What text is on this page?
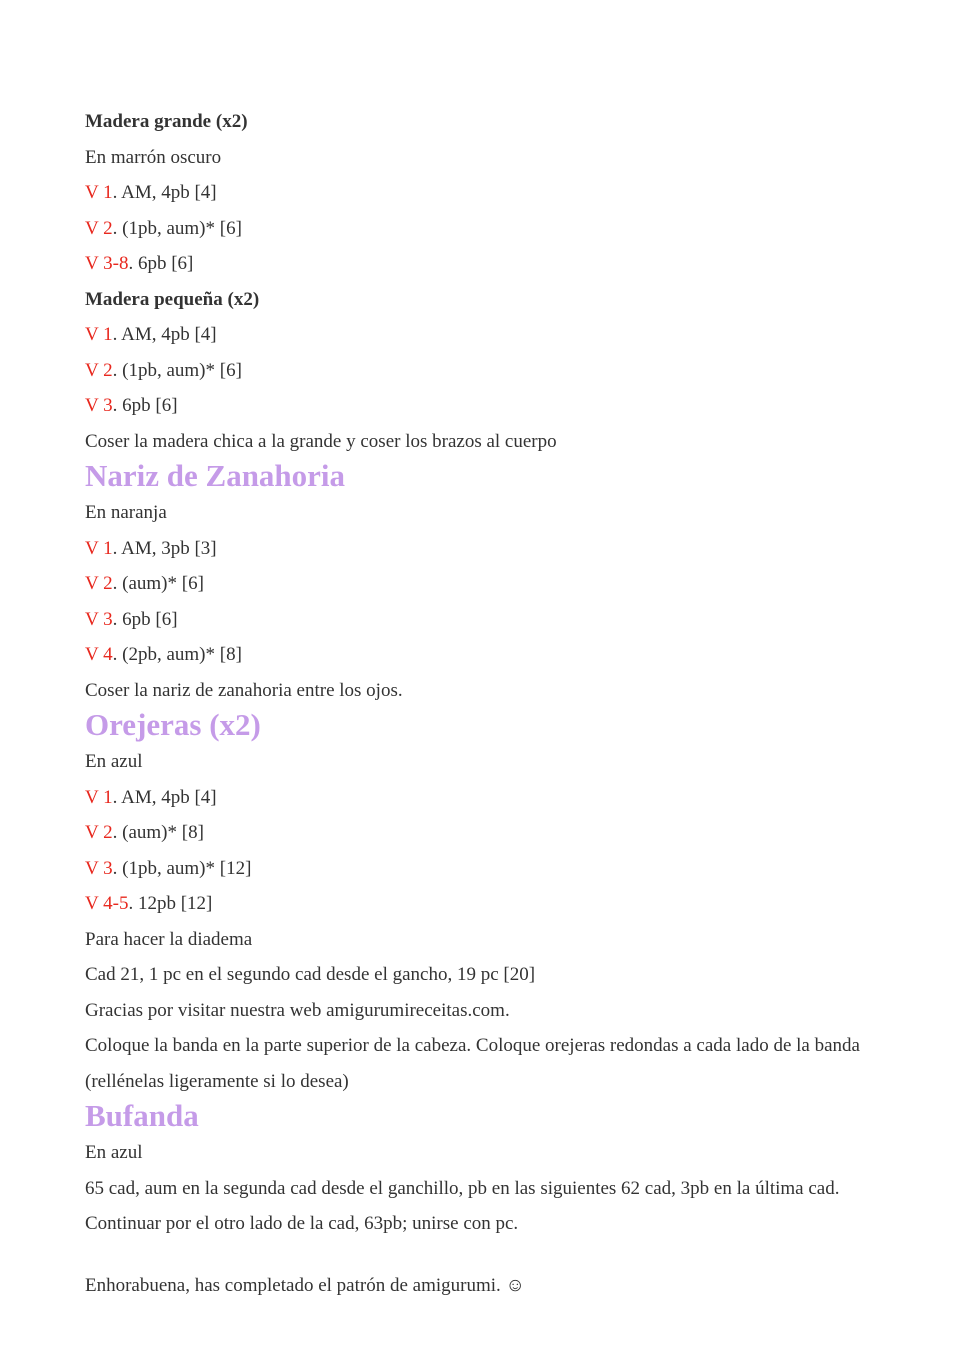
Madera grande (x2)

En marrón oscuro

V 1. AM, 4pb [4]

V 2. (1pb, aum)* [6]

V 3-8. 6pb [6]

Madera pequeña (x2)

V 1. AM, 4pb [4]

V 2. (1pb, aum)* [6]

V 3. 6pb [6]

Coser la madera chica a la grande y coser los brazos al cuerpo

Nariz de Zanahoria

En naranja

V 1. AM, 3pb [3]

V 2. (aum)* [6]

V 3. 6pb [6]

V 4. (2pb, aum)* [8]

Coser la nariz de zanahoria entre los ojos.

Orejeras (x2)

En azul

V 1. AM, 4pb [4]

V 2. (aum)* [8]

V 3. (1pb, aum)* [12]

V 4-5. 12pb [12]

Para hacer la diadema

Cad 21, 1 pc en el segundo cad desde el gancho, 19 pc [20]

Gracias por visitar nuestra web amigurumireceitas.com.

Coloque la banda en la parte superior de la cabeza. Coloque orejeras redondas a cada lado de la banda (rellénelas ligeramente si lo desea)

Bufanda

En azul

65 cad, aum en la segunda cad desde el ganchillo, pb en las siguientes 62 cad, 3pb en la última cad. Continuar por el otro lado de la cad, 63pb; unirse con pc.

Enhorabuena, has completado el patrón de amigurumi. ☺
